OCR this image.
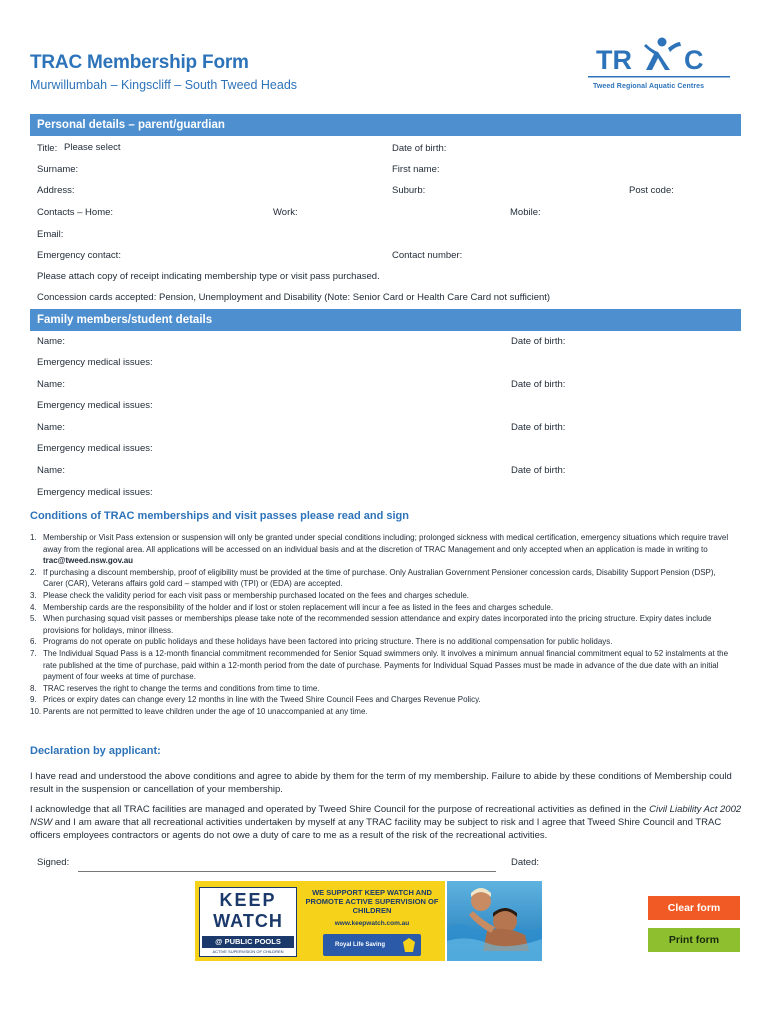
TRAC Membership Form
Murwillumbah – Kingscliff – South Tweed Heads
TR C
Tweed Regional Aquatic Centres
Personal details – parent/guardian
Title: Please select	Date of birth:
Surname:	First name:
Address:	Suburb:	Post code:
Contacts – Home:	Work:	Mobile:
Email:
Emergency contact:	Contact number:
Please attach copy of receipt indicating membership type or visit pass purchased.
Concession cards accepted: Pension, Unemployment and Disability (Note: Senior Card or Health Care Card not sufficient)
Family members/student details
Name:	Date of birth:
Emergency medical issues:
Name:	Date of birth:
Emergency medical issues:
Name:	Date of birth:
Emergency medical issues:
Name:	Date of birth:
Emergency medical issues:
Conditions of TRAC memberships and visit passes please read and sign
1. Membership or Visit Pass extension or suspension will only be granted under special conditions including; prolonged sickness with medical certification, emergency situations which require travel away from the regional area. All applications will be accessed on an individual basis and at the discretion of TRAC Management and only accepted when an application is made in writing to trac@tweed.nsw.gov.au
2. If purchasing a discount membership, proof of eligibility must be provided at the time of purchase. Only Australian Government Pensioner concession cards, Disability Support Pension (DSP), Carer (CAR), Veterans affairs gold card – stamped with (TPI) or (EDA) are accepted.
3. Please check the validity period for each visit pass or membership purchased located on the fees and charges schedule.
4. Membership cards are the responsibility of the holder and if lost or stolen replacement will incur a fee as listed in the fees and charges schedule.
5. When purchasing squad visit passes or memberships please take note of the recommended session attendance and expiry dates incorporated into the pricing structure. Expiry dates include provisions for holidays, minor illness.
6. Programs do not operate on public holidays and these holidays have been factored into pricing structure. There is no additional compensation for public holidays.
7. The Individual Squad Pass is a 12-month financial commitment recommended for Senior Squad swimmers only. It involves a minimum annual financial commitment equal to 52 instalments at the rate published at the time of purchase, paid within a 12-month period from the date of purchase. Payments for Individual Squad Passes must be made in advance of the due date with an initial payment of four weeks at time of purchase.
8. TRAC reserves the right to change the terms and conditions from time to time.
9. Prices or expiry dates can change every 12 months in line with the Tweed Shire Council Fees and Charges Revenue Policy.
10. Parents are not permitted to leave children under the age of 10 unaccompanied at any time.
Declaration by applicant:
I have read and understood the above conditions and agree to abide by them for the term of my membership. Failure to abide by these conditions of Membership could result in the suspension or cancellation of your membership.
I acknowledge that all TRAC facilities are managed and operated by Tweed Shire Council for the purpose of recreational activities as defined in the Civil Liability Act 2002 NSW and I am aware that all recreational activities undertaken by myself at any TRAC facility may be subject to risk and I agree that Tweed Shire Council and TRAC officers employees contractors or agents do not owe a duty of care to me as a result of the risk of the recreational activities.
Signed:	Dated:
KEEP
WATCH
@ PUBLIC POOLS
ACTIVE SUPERVISION OF CHILDREN
WE SUPPORT KEEP WATCH AND PROMOTE ACTIVE SUPERVISION OF CHILDREN
www.keepwatch.com.au
Royal Life Saving
Clear form
Print form
